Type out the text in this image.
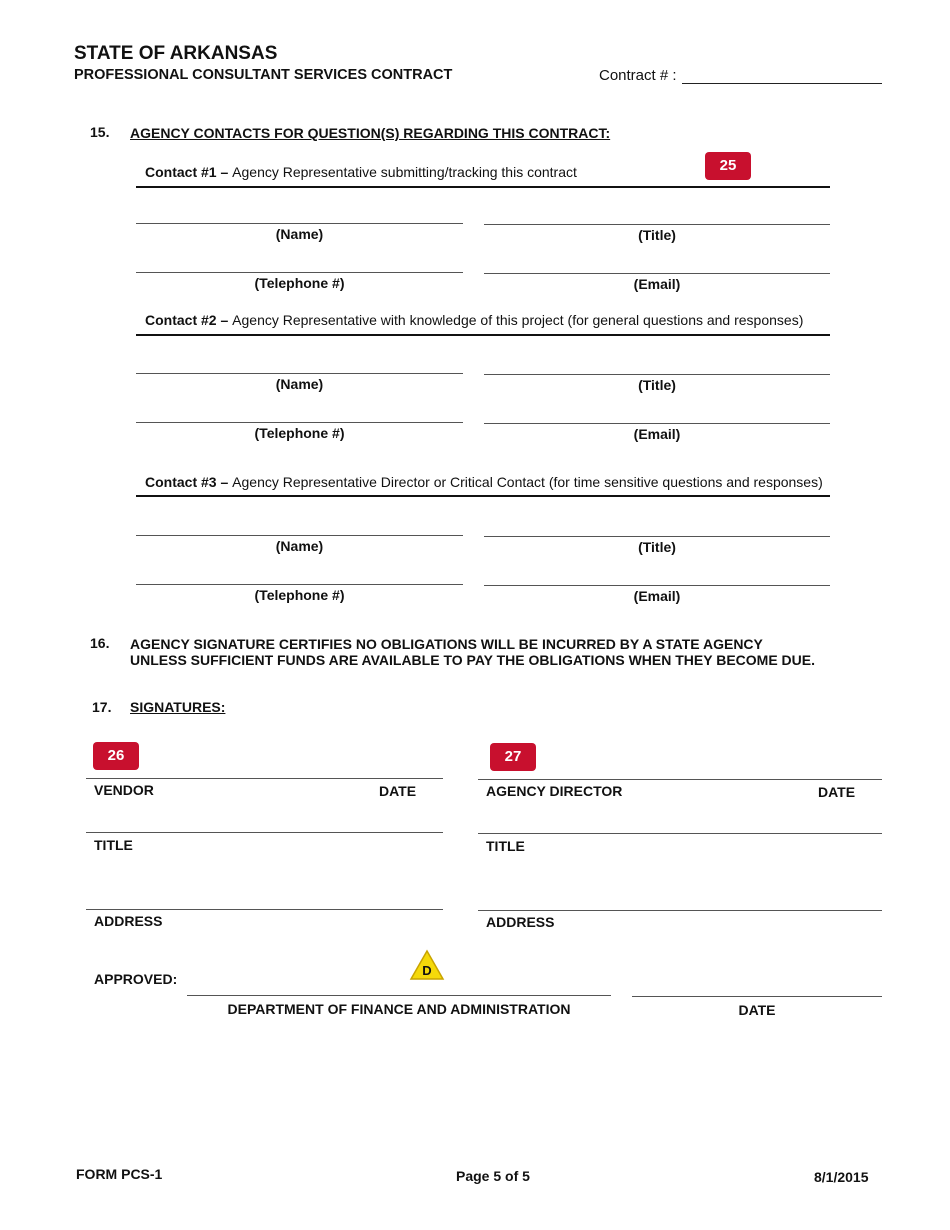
STATE OF ARKANSAS
PROFESSIONAL CONSULTANT SERVICES CONTRACT	Contract # :
15. AGENCY CONTACTS FOR QUESTION(S) REGARDING THIS CONTRACT:
Contact #1 – Agency Representative submitting/tracking this contract	25
(Name)	(Title)
(Telephone #)	(Email)
Contact #2 – Agency Representative with knowledge of this project (for general questions and responses)
(Name)	(Title)
(Telephone #)	(Email)
Contact #3 – Agency Representative Director or Critical Contact (for time sensitive questions and responses)
(Name)	(Title)
(Telephone #)	(Email)
16. AGENCY SIGNATURE CERTIFIES NO OBLIGATIONS WILL BE INCURRED BY A STATE AGENCY
UNLESS SUFFICIENT FUNDS ARE AVAILABLE TO PAY THE OBLIGATIONS WHEN THEY BECOME DUE.
17. SIGNATURES:
26	27
VENDOR	DATE	AGENCY DIRECTOR	DATE
TITLE	TITLE
ADDRESS	ADDRESS
APPROVED:
D
DEPARTMENT OF FINANCE AND ADMINISTRATION	DATE
FORM PCS-1	Page 5 of 5	8/1/2015
